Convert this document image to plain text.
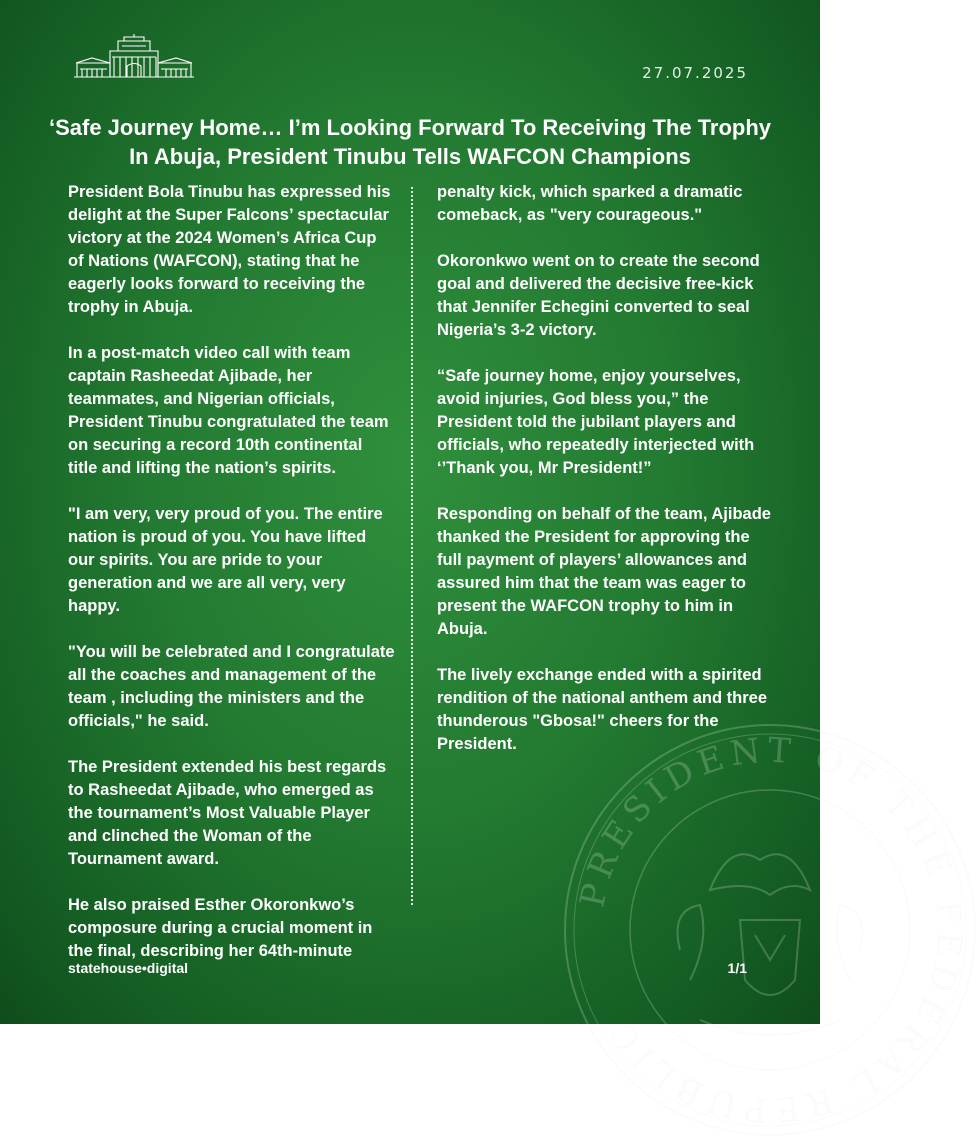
27.07.2025
‘Safe Journey Home… I’m Looking Forward To Receiving The Trophy In Abuja, President Tinubu Tells WAFCON Champions

President Bola Tinubu has expressed his delight at the Super Falcons’ spectacular victory at the 2024 Women’s Africa Cup of Nations (WAFCON), stating that he eagerly looks forward to receiving the trophy in Abuja.

In a post-match video call with team captain Rasheedat Ajibade, her teammates, and Nigerian officials, President Tinubu congratulated the team on securing a record 10th continental title and lifting the nation’s spirits.

"I am very, very proud of you. The entire nation is proud of you. You have lifted our spirits. You are pride to your generation and we are all very, very happy.

"You will be celebrated and I congratulate all the coaches and management of the team , including the ministers and the officials," he said.

The President extended his best regards to Rasheedat Ajibade, who emerged as the tournament’s Most Valuable Player and clinched the Woman of the Tournament award.

He also praised Esther Okoronkwo’s composure during a crucial moment in the final, describing her 64th-minute

penalty kick, which sparked a dramatic comeback, as "very courageous."

Okoronkwo went on to create the second goal and delivered the decisive free-kick that Jennifer Echegini converted to seal Nigeria’s 3-2 victory.

“Safe journey home, enjoy yourselves, avoid injuries, God bless you,” the President told the jubilant players and officials, who repeatedly interjected with ‘’Thank you, Mr President!”

Responding on behalf of the team, Ajibade thanked the President for approving the full payment of players’ allowances and assured him that the team was eager to present the WAFCON trophy to him in Abuja.

The lively exchange ended with a spirited rendition of the national anthem and three thunderous "Gbosa!" cheers for the President.

PRESIDENT OF THE FEDERAL REPUBLIC
statehouse•digital	1/1
